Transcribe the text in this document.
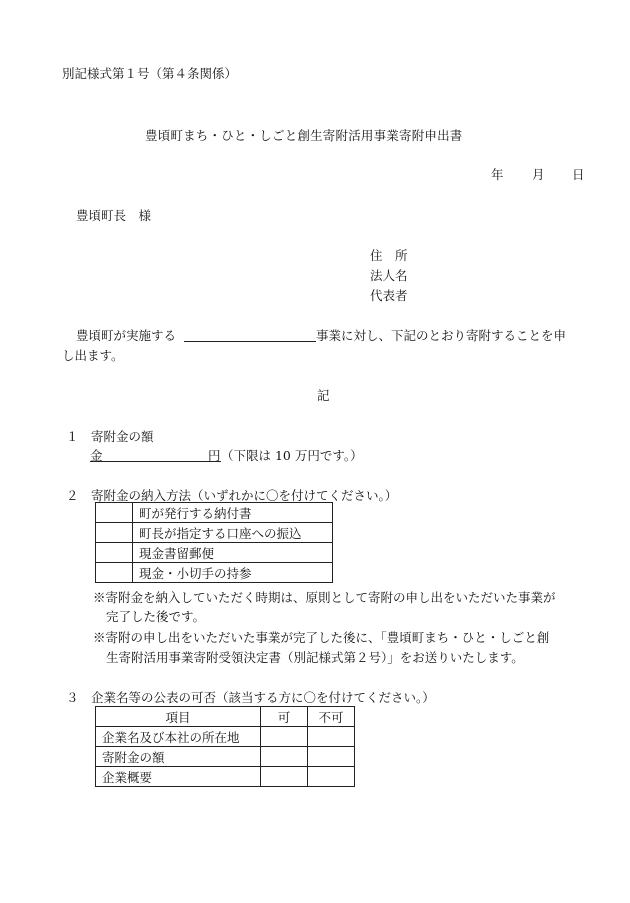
別記様式第１号（第４条関係）
豊頃町まち・ひと・しごと創生寄附活用事業寄附申出書
年 月 日
豊頃町長　様
住　所
法人名
代表者
豊頃町が実施する	事業に対し、下記のとおり寄附することを申
し出ます。
記
１　寄附金の額
金	円 （下限は 10 万円です。）
２　寄附金の納入方法（いずれかに〇を付けてください。）
	町が発行する納付書
	町長が指定する口座への振込
	現金書留郵便
	現金・小切手の持参
※寄附金を納入していただく時期は、原則として寄附の申し出をいただいた事業が
完了した後です。
※寄附の申し出をいただいた事業が完了した後に、「豊頃町まち・ひと・しごと創
生寄附活用事業寄附受領決定書（別記様式第２号）」をお送りいたします。
３　企業名等の公表の可否（該当する方に〇を付けてください。）
項目	可	不可
企業名及び本社の所在地		
寄附金の額		
企業概要		
